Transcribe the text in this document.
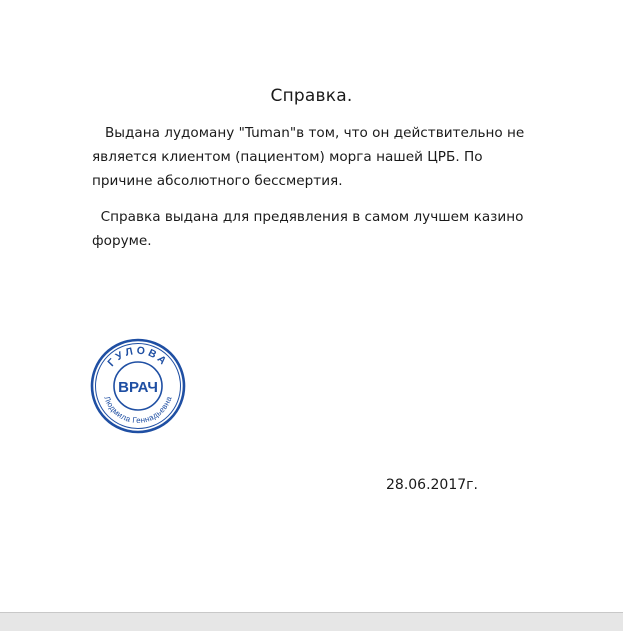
Справка.

Выдана лудоману "Tuman"в том, что он действительно не
является клиентом (пациентом) морга нашей ЦРБ. По
причине абсолютного бессмертия.

Справка выдана для предявления в самом лучшем казино
форуме.

ГУЛОВА
Людмила Геннадьевна
ВРАЧ
28.06.2017г.
